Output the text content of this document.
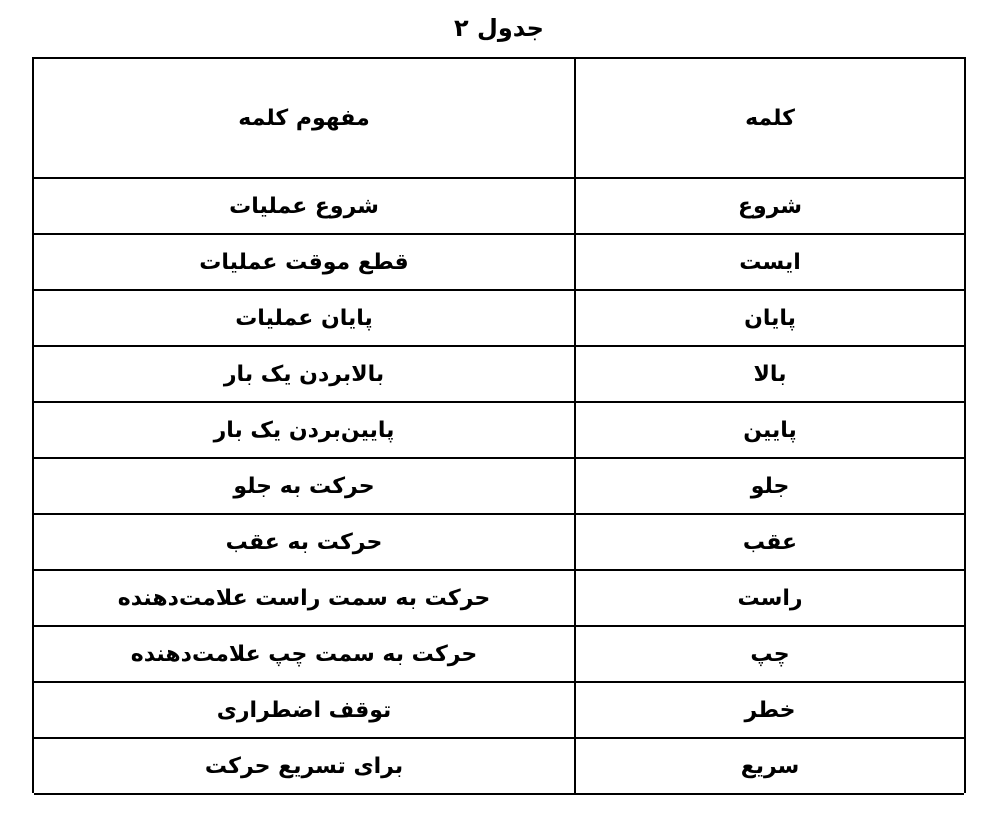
جدول ۲
کلمه
مفهوم کلمه
شروع
شروع عملیات
ایست
قطع موقت عملیات
پایان
پایان عملیات
بالا
بالابردن یک بار
پایین
پایین‌بردن یک بار
جلو
حرکت به جلو
عقب
حرکت به عقب
راست
حرکت به سمت راست علامت‌دهنده
چپ
حرکت به سمت چپ علامت‌دهنده
خطر
توقف اضطراری
سریع
برای تسریع حرکت
